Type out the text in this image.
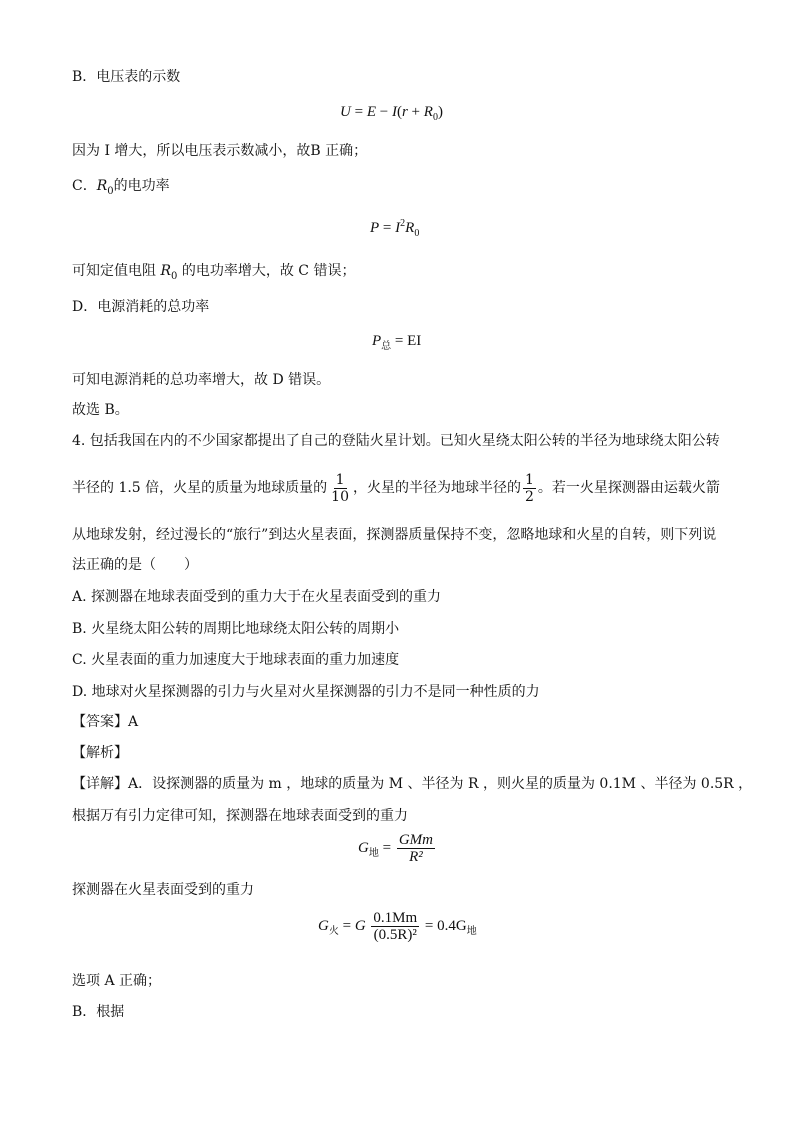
B．电压表的示数
$U = E - I(r + R_0)$
因为 I 增大，所以电压表示数减小，故B 正确；
C．$R_0$的电功率
$P = I^2R_0$
可知定值电阻 $R_0$ 的电功率增大，故 C 错误；
D．电源消耗的总功率
$P_总$ = EI
可知电源消耗的总功率增大，故 D 错误。
故选 B。
4. 包括我国在内的不少国家都提出了自己的登陆火星计划。已知火星绕太阳公转的半径为地球绕太阳公转
半径的 1.5 倍，火星的质量为地球质量的 $\frac{1}{10}$ ，火星的半径为地球半径的 $\frac{1}{2}$ 。若一火星探测器由运载火箭
从地球发射，经过漫长的“旅行”到达火星表面，探测器质量保持不变，忽略地球和火星的自转，则下列说
法正确的是（　　）
A. 探测器在地球表面受到的重力大于在火星表面受到的重力
B. 火星绕太阳公转的周期比地球绕太阳公转的周期小
C. 火星表面的重力加速度大于地球表面的重力加速度
D. 地球对火星探测器的引力与火星对火星探测器的引力不是同一种性质的力
【答案】A
【解析】
【详解】A．设探测器的质量为 m ，地球的质量为 M 、半径为 R ，则火星的质量为 0.1M 、半径为 0.5R ，
根据万有引力定律可知，探测器在地球表面受到的重力
$G_地 = \frac{\text{GMm}}{\text{R²}}$
探测器在火星表面受到的重力
$G_火 = G \frac{0.1Mm}{\text{(0.5R)²}} = 0.4G_地$
选项 A 正确；
B．根据
